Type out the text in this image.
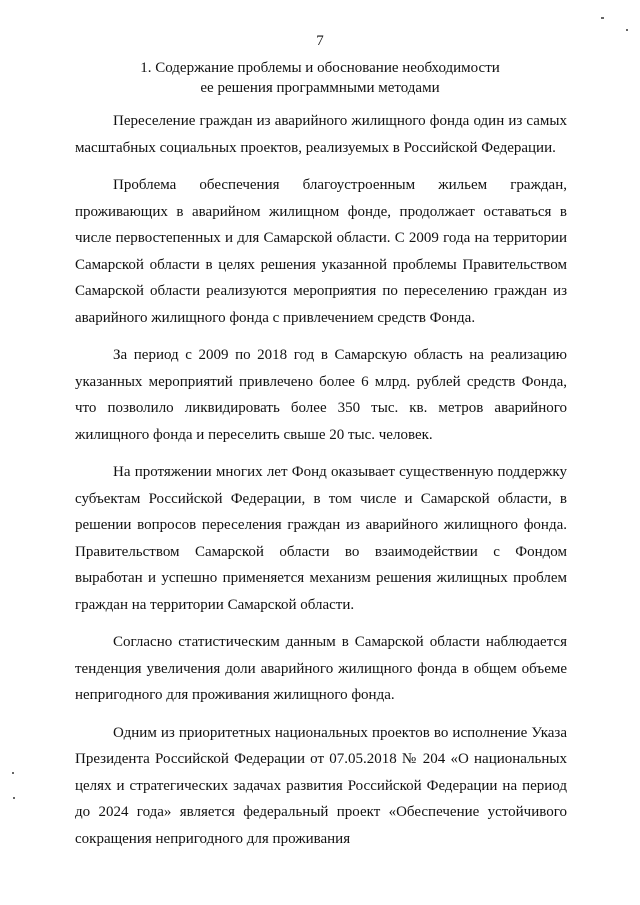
7
1. Содержание проблемы и обоснование необходимости
ее решения программными методами

Переселение граждан из аварийного жилищного фонда один из самых масштабных социальных проектов, реализуемых в Российской Федерации.

Проблема обеспечения благоустроенным жильем граждан, проживающих в аварийном жилищном фонде, продолжает оставаться в числе первостепенных и для Самарской области. С 2009 года на территории Самарской области в целях решения указанной проблемы Правительством Самарской области реализуются мероприятия по переселению граждан из аварийного жилищного фонда с привлечением средств Фонда.

За период с 2009 по 2018 год в Самарскую область на реализацию указанных мероприятий привлечено более 6 млрд. рублей средств Фонда, что позволило ликвидировать более 350 тыс. кв. метров аварийного жилищного фонда и переселить свыше 20 тыс. человек.

На протяжении многих лет Фонд оказывает существенную поддержку субъектам Российской Федерации, в том числе и Самарской области, в решении вопросов переселения граждан из аварийного жилищного фонда. Правительством Самарской области во взаимодействии с Фондом выработан и успешно применяется механизм решения жилищных проблем граждан на территории Самарской области.

Согласно статистическим данным в Самарской области наблюдается тенденция увеличения доли аварийного жилищного фонда в общем объеме непригодного для проживания жилищного фонда.

Одним из приоритетных национальных проектов во исполнение Указа Президента Российской Федерации от 07.05.2018 № 204 «О национальных целях и стратегических задачах развития Российской Федерации на период до 2024 года» является федеральный проект «Обеспечение устойчивого сокращения непригодного для проживания
